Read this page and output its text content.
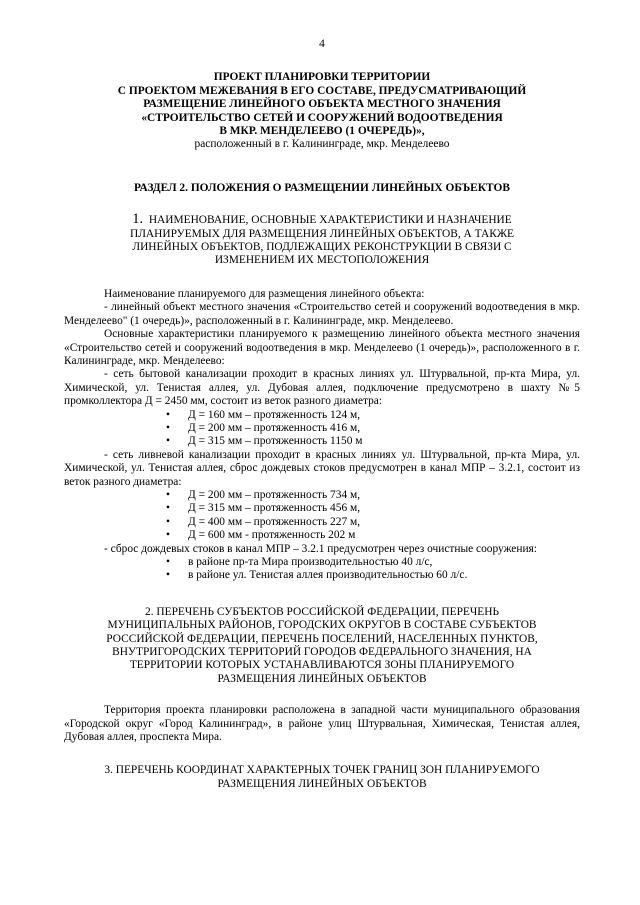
4
ПРОЕКТ ПЛАНИРОВКИ ТЕРРИТОРИИ
С ПРОЕКТОМ МЕЖЕВАНИЯ В ЕГО СОСТАВЕ, ПРЕДУСМАТРИВАЮЩИЙ
РАЗМЕЩЕНИЕ ЛИНЕЙНОГО ОБЪЕКТА МЕСТНОГО ЗНАЧЕНИЯ
«СТРОИТЕЛЬСТВО СЕТЕЙ И СООРУЖЕНИЙ ВОДООТВЕДЕНИЯ
В МКР. МЕНДЕЛЕЕВО (1 ОЧЕРЕДЬ)»,
расположенный в г. Калининграде, мкр. Менделеево
РАЗДЕЛ 2. ПОЛОЖЕНИЯ О РАЗМЕЩЕНИИ ЛИНЕЙНЫХ ОБЪЕКТОВ
1. НАИМЕНОВАНИЕ, ОСНОВНЫЕ ХАРАКТЕРИСТИКИ И НАЗНАЧЕНИЕ
ПЛАНИРУЕМЫХ ДЛЯ РАЗМЕЩЕНИЯ ЛИНЕЙНЫХ ОБЪЕКТОВ, А ТАКЖЕ
ЛИНЕЙНЫХ ОБЪЕКТОВ, ПОДЛЕЖАЩИХ РЕКОНСТРУКЦИИ В СВЯЗИ С
ИЗМЕНЕНИЕМ ИХ МЕСТОПОЛОЖЕНИЯ

Наименование планируемого для размещения линейного объекта:

- линейный объект местного значения «Строительство сетей и сооружений водоотведения в мкр. Менделеево" (1 очередь)», расположенный в г. Калининграде, мкр. Менделеево.

Основные характеристики планируемого к размещению линейного объекта местного значения «Строительство сетей и сооружений водоотведения в мкр. Менделеево (1 очередь)», расположенного в г. Калининграде, мкр. Менделеево:

- сеть бытовой канализации проходит в красных линиях ул. Штурвальной, пр-кта Мира, ул. Химической, ул. Тенистая аллея, ул. Дубовая аллея, подключение предусмотрено в шахту №5 промколлектора Д = 2450 мм, состоит из веток разного диаметра:

• Д = 160 мм – протяженность 124 м,
• Д = 200 мм – протяженность 416 м,
• Д = 315 мм – протяженность 1150 м

- сеть ливневой канализации проходит в красных линиях ул. Штурвальной, пр-кта Мира, ул. Химической, ул. Тенистая аллея, сброс дождевых стоков предусмотрен в канал МПР – 3.2.1, состоит из веток разного диаметра:

• Д = 200 мм – протяженность 734 м,
• Д = 315 мм – протяженность 456 м,
• Д = 400 мм – протяженность 227 м,
• Д = 600 мм - протяженность 202 м

- сброс дождевых стоков в канал МПР – 3.2.1 предусмотрен через очистные сооружения:

• в районе пр-та Мира производительностью 40 л/с,
• в районе ул. Тенистая аллея производительностью 60 л/с.
2. ПЕРЕЧЕНЬ СУБЪЕКТОВ РОССИЙСКОЙ ФЕДЕРАЦИИ, ПЕРЕЧЕНЬ
МУНИЦИПАЛЬНЫХ РАЙОНОВ, ГОРОДСКИХ ОКРУГОВ В СОСТАВЕ СУБЪЕКТОВ
РОССИЙСКОЙ ФЕДЕРАЦИИ, ПЕРЕЧЕНЬ ПОСЕЛЕНИЙ, НАСЕЛЕННЫХ ПУНКТОВ,
ВНУТРИГОРОДСКИХ ТЕРРИТОРИЙ ГОРОДОВ ФЕДЕРАЛЬНОГО ЗНАЧЕНИЯ, НА
ТЕРРИТОРИИ КОТОРЫХ УСТАНАВЛИВАЮТСЯ ЗОНЫ ПЛАНИРУЕМОГО
РАЗМЕЩЕНИЯ ЛИНЕЙНЫХ ОБЪЕКТОВ

Территория проекта планировки расположена в западной части муниципального образования «Городской округ «Город Калининград», в районе улиц Штурвальная, Химическая, Тенистая аллея, Дубовая аллея, проспекта Мира.

3. ПЕРЕЧЕНЬ КООРДИНАТ ХАРАКТЕРНЫХ ТОЧЕК ГРАНИЦ ЗОН ПЛАНИРУЕМОГО
РАЗМЕЩЕНИЯ ЛИНЕЙНЫХ ОБЪЕКТОВ
